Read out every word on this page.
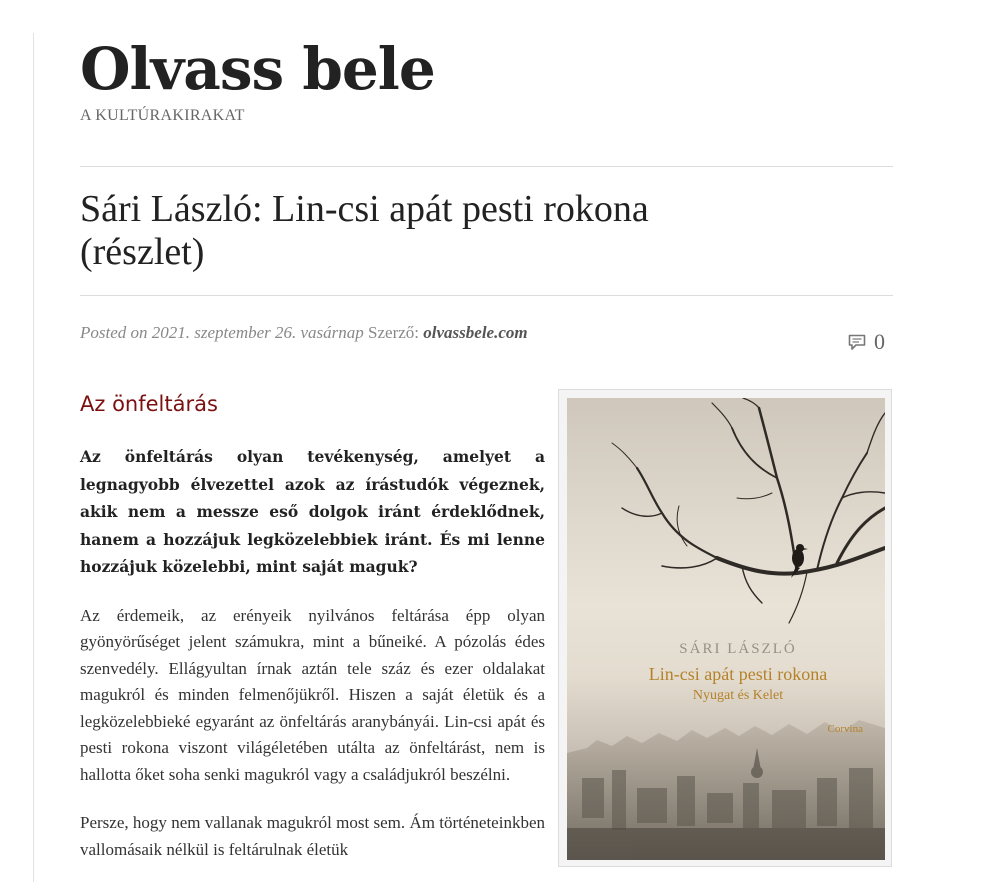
Olvass bele
A KULTÚRAKIRAKAT
Sári László: Lin-csi apát pesti rokona (részlet)
Posted on 2021. szeptember 26. vasárnap Szerző: olvassbele.com	0
Az önfeltárás

Az önfeltárás olyan tevékenység, amelyet a legnagyobb élvezettel azok az írástudók végeznek, akik nem a messze eső dolgok iránt érdeklődnek, hanem a hozzájuk legközelebbiek iránt. És mi lenne hozzájuk közelebbi, mint saját maguk?

Az érdemeik, az erényeik nyilvános feltárása épp olyan gyönyörűséget jelent számukra, mint a bűneiké. A pózolás édes szenvedély. Ellágyultan írnak aztán tele száz és ezer oldalakat magukról és minden felmenőjükről. Hiszen a saját életük és a legközelebbieké egyaránt az önfeltárás aranybányái. Lin-csi apát és pesti rokona viszont világéletében utálta az önfeltárást, nem is hallotta őket soha senki magukról vagy a családjukról beszélni.

Persze, hogy nem vallanak magukról most sem. Ám történeteinkben vallomásaik nélkül is feltárulnak életük

SÁRI LÁSZLÓ
Lin-csi apát pesti rokona
Nyugat és Kelet
Corvina
